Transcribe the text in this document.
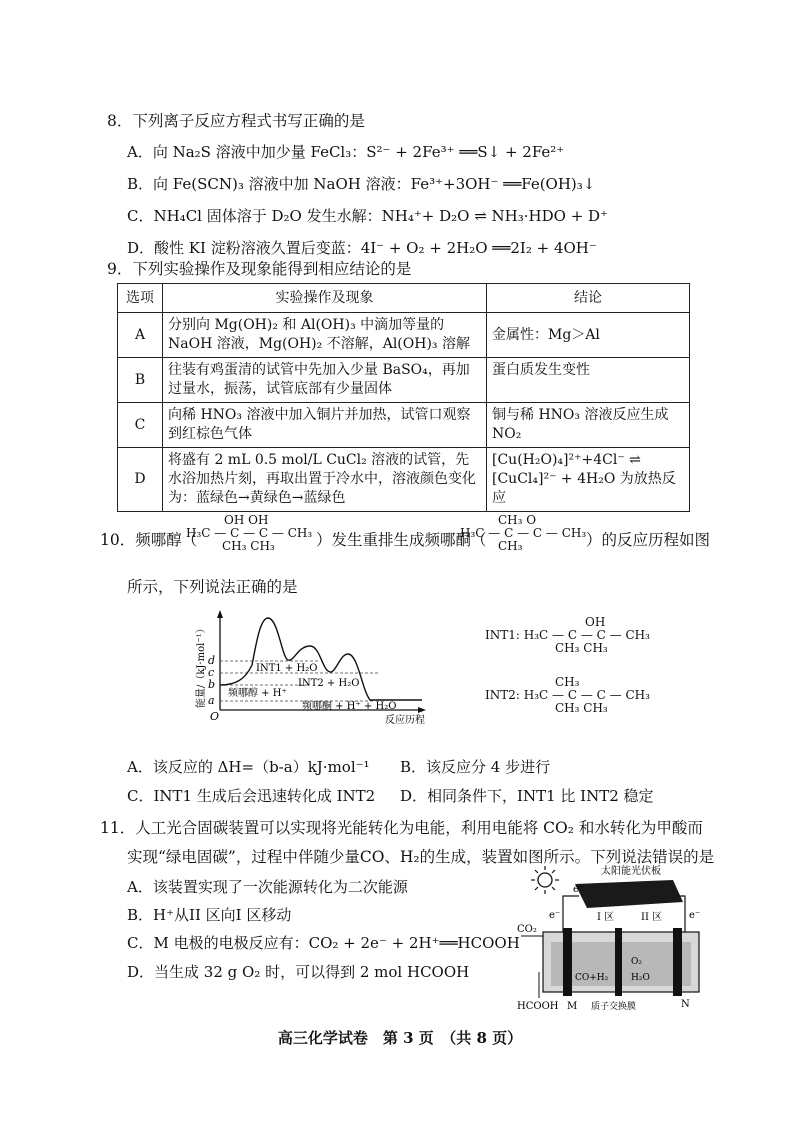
8．下列离子反应方程式书写正确的是
A．向 Na₂S 溶液中加少量 FeCl₃：S²⁻ + 2Fe³⁺ ══S↓ + 2Fe²⁺
B．向 Fe(SCN)₃ 溶液中加 NaOH 溶液：Fe³⁺+3OH⁻ ══Fe(OH)₃↓
C．NH₄Cl 固体溶于 D₂O 发生水解：NH₄⁺+ D₂O ⇌ NH₃·HDO + D⁺
D．酸性 KI 淀粉溶液久置后变蓝：4I⁻ + O₂ + 2H₂O ══2I₂ + 4OH⁻
9．下列实验操作及现象能得到相应结论的是
选项	实验操作及现象	结论
A	分别向 Mg(OH)₂ 和 Al(OH)₃ 中滴加等量的 NaOH 溶液，Mg(OH)₂ 不溶解，Al(OH)₃ 溶解	金属性：Mg＞Al
B	往装有鸡蛋清的试管中先加入少量 BaSO₄，再加过量水，振荡，试管底部有少量固体	蛋白质发生变性
C	向稀 HNO₃ 溶液中加入铜片并加热，试管口观察到红棕色气体	铜与稀 HNO₃ 溶液反应生成 NO₂
D	将盛有 2 mL 0.5 mol/L CuCl₂ 溶液的试管，先水浴加热片刻，再取出置于冷水中，溶液颜色变化为：蓝绿色→黄绿色→蓝绿色	[Cu(H₂O)₄]²⁺+4Cl⁻ ⇌ [CuCl₄]²⁻ + 4H₂O 为放热反应
10．频哪醇（
OH OH
H₃C — C — C — CH₃
CH₃ CH₃	）发生重排生成频哪酮（
CH₃ O
H₃C — C — C — CH₃
CH₃	）的反应历程如图
所示，下列说法正确的是
d
c
b
a
O
能量/（kJ·mol⁻¹）
反应历程
INT1 + H₂O
INT2 + H₂O
频哪醇 + H⁺
频哪酮 + H⁺ + H₂O
OH
INT1: H₃C — C — C — CH₃
CH₃ CH₃
CH₃
INT2: H₃C — C — C — CH₃
CH₃ CH₃
A．该反应的 ΔH=（b-a）kJ·mol⁻¹ B．该反应分 4 步进行
C．INT1 生成后会迅速转化成 INT2 D．相同条件下，INT1 比 INT2 稳定
11．人工光合固碳装置可以实现将光能转化为电能，利用电能将 CO₂ 和水转化为甲酸而
实现“绿电固碳”，过程中伴随少量CO、H₂的生成，装置如图所示。下列说法错误的是
A．该装置实现了一次能源转化为二次能源
B．H⁺从II 区向I 区移动
C．M 电极的电极反应有：CO₂ + 2e⁻ + 2H⁺══HCOOH
D．当生成 32 g O₂ 时，可以得到 2 mol HCOOH
太阳能光伏板
e⁻
e⁻	e⁻
I 区	II 区
CO₂
CO+H₂
O₂
H₂O
HCOOH M 质子交换膜	N
高三化学试卷　第 3 页　（共 8 页）
